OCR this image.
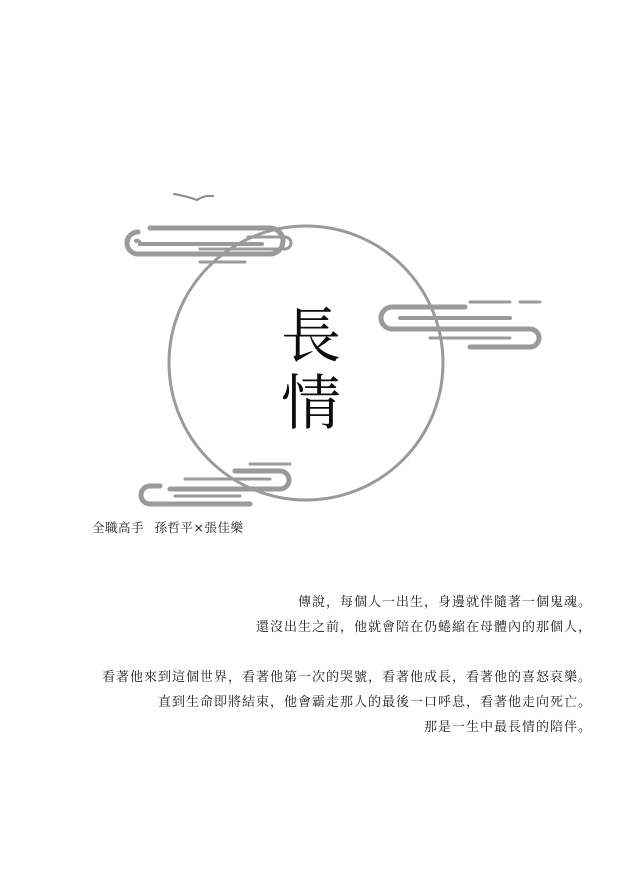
長
情
全職高手 孫哲平×張佳樂
傳說，每個人一出生，身邊就伴隨著一個鬼魂。
還沒出生之前，他就會陪在仍蜷縮在母體內的那個人，
看著他來到這個世界，看著他第一次的哭號，看著他成長，看著他的喜怒哀樂。
直到生命即將結束，他會霸走那人的最後一口呼息，看著他走向死亡。
那是一生中最長情的陪伴。
